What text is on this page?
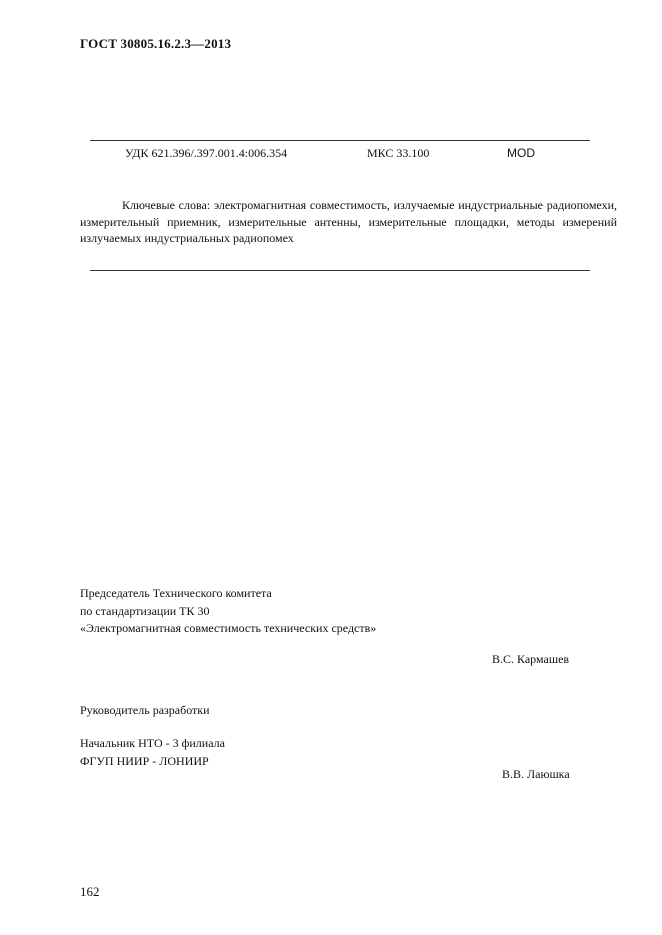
ГОСТ 30805.16.2.3—2013
УДК 621.396/.397.001.4:006.354	МКС 33.100	MOD
Ключевые слова: электромагнитная совместимость, излучаемые индустриальные радиопомехи, измерительный приемник, измерительные антенны, измерительные площадки, методы измерений излучаемых индустриальных радиопомех
Председатель Технического комитета
по стандартизации ТК 30
«Электромагнитная совместимость технических средств»
В.С. Кармашев
Руководитель разработки
Начальник НТО - 3 филиала
ФГУП НИИР - ЛОНИИР
В.В. Лаюшка
162
